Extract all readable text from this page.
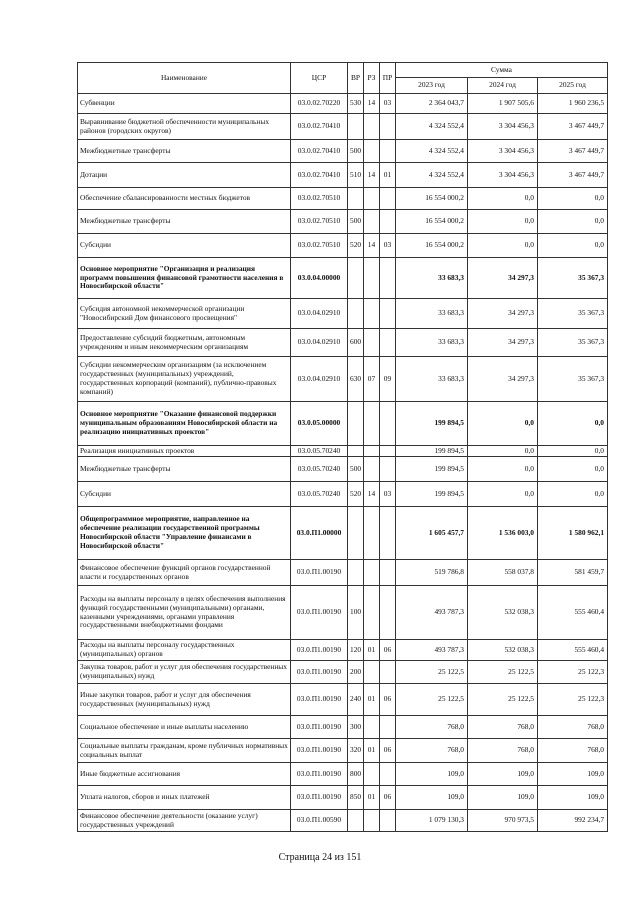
Наименование	ЦСР	ВР	РЗ	ПР	Сумма		
					2023 год	2024 год	2025 год
Субвенции	03.0.02.70220	530	14	03	2 364 043,7	1 907 505,6	1 960 236,5
Выравнивание бюджетной обеспеченности муниципальных районов (городских округов)	03.0.02.70410				4 324 552,4	3 304 456,3	3 467 449,7
Межбюджетные трансферты	03.0.02.70410	500			4 324 552,4	3 304 456,3	3 467 449,7
Дотации	03.0.02.70410	510	14	01	4 324 552,4	3 304 456,3	3 467 449,7
Обеспечение сбалансированности местных бюджетов	03.0.02.70510				16 554 000,2	0,0	0,0
Межбюджетные трансферты	03.0.02.70510	500			16 554 000,2	0,0	0,0
Субсидии	03.0.02.70510	520	14	03	16 554 000,2	0,0	0,0
Основное мероприятие "Организация и реализация программ повышения финансовой грамотности населения в Новосибирской области"	03.0.04.00000				33 683,3	34 297,3	35 367,3
Субсидия автономной некоммерческой организации "Новосибирский Дом финансового просвещения"	03.0.04.02910				33 683,3	34 297,3	35 367,3
Предоставление субсидий бюджетным, автономным учреждениям и иным некоммерческим организациям	03.0.04.02910	600			33 683,3	34 297,3	35 367,3
Субсидии некоммерческим организациям (за исключением государственных (муниципальных) учреждений, государственных корпораций (компаний), публично-правовых компаний)	03.0.04.02910	630	07	09	33 683,3	34 297,3	35 367,3
Основное мероприятие "Оказание финансовой поддержки муниципальным образованиям Новосибирской области на реализацию инициативных проектов"	03.0.05.00000				199 894,5	0,0	0,0
Реализация инициативных проектов	03.0.05.70240				199 894,5	0,0	0,0
Межбюджетные трансферты	03.0.05.70240	500			199 894,5	0,0	0,0
Субсидии	03.0.05.70240	520	14	03	199 894,5	0,0	0,0
Общепрограммное мероприятие, направленное на обеспечение реализации государственной программы Новосибирской области "Управление финансами в Новосибирской области"	03.0.П1.00000				1 605 457,7	1 536 003,0	1 580 962,1
Финансовое обеспечение функций органов государственной власти и государственных органов	03.0.П1.00190				519 786,8	558 037,8	581 459,7
Расходы на выплаты персоналу в целях обеспечения выполнения функций государственными (муниципальными) органами, казенными учреждениями, органами управления государственными внебюджетными фондами	03.0.П1.00190	100			493 787,3	532 038,3	555 460,4
Расходы на выплаты персоналу государственных (муниципальных) органов	03.0.П1.00190	120	01	06	493 787,3	532 038,3	555 460,4
Закупка товаров, работ и услуг для обеспечения государственных (муниципальных) нужд	03.0.П1.00190	200			25 122,5	25 122,5	25 122,3
Иные закупки товаров, работ и услуг для обеспечения государственных (муниципальных) нужд	03.0.П1.00190	240	01	06	25 122,5	25 122,5	25 122,3
Социальное обеспечение и иные выплаты населению	03.0.П1.00190	300			768,0	768,0	768,0
Социальные выплаты гражданам, кроме публичных нормативных социальных выплат	03.0.П1.00190	320	01	06	768,0	768,0	768,0
Иные бюджетные ассигнования	03.0.П1.00190	800			109,0	109,0	109,0
Уплата налогов, сборов и иных платежей	03.0.П1.00190	850	01	06	109,0	109,0	109,0
Финансовое обеспечение деятельности (оказание услуг) государственных учреждений	03.0.П1.00590				1 079 130,3	970 973,5	992 234,7
Страница 24 из 151
